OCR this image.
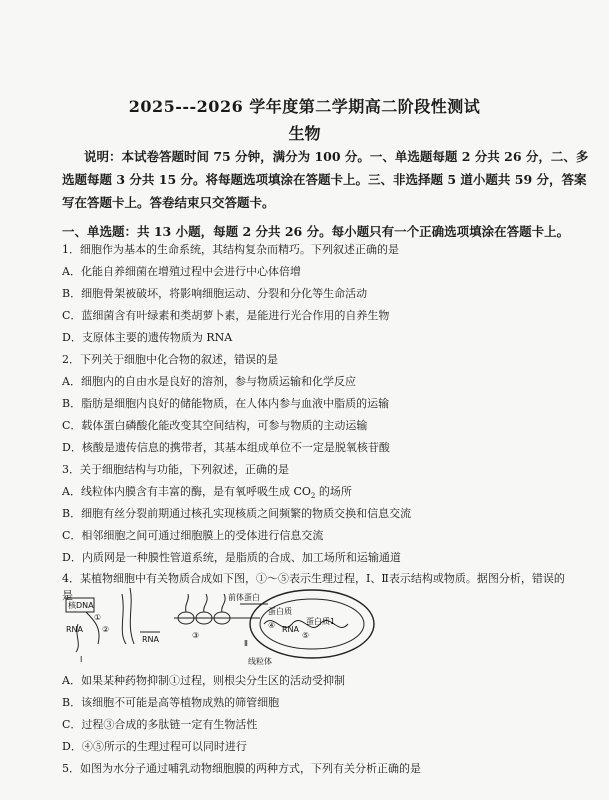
2025---2026 学年度第二学期高二阶段性测试
生物
说明：本试卷答题时间 75 分钟，满分为 100 分。一、单选题每题 2 分共 26 分，二、多
选题每题 3 分共 15 分。将每题选项填涂在答题卡上。三、非选择题 5 道小题共 59 分，答案
写在答题卡上。答卷结束只交答题卡。
一、单选题：共 13 小题，每题 2 分共 26 分。每小题只有一个正确选项填涂在答题卡上。
1．细胞作为基本的生命系统，其结构复杂而精巧。下列叙述正确的是
A．化能自养细菌在增殖过程中会进行中心体倍增
B．细胞骨架被破坏，将影响细胞运动、分裂和分化等生命活动
C．蓝细菌含有叶绿素和类胡萝卜素，是能进行光合作用的自养生物
D．支原体主要的遗传物质为 RNA
2．下列关于细胞中化合物的叙述，错误的是
A．细胞内的自由水是良好的溶剂，参与物质运输和化学反应
B．脂肪是细胞内良好的储能物质，在人体内参与血液中脂质的运输
C．载体蛋白磷酸化能改变其空间结构，可参与物质的主动运输
D．核酸是遗传信息的携带者，其基本组成单位不一定是脱氧核苷酸
3．关于细胞结构与功能，下列叙述，正确的是
A．线粒体内膜含有丰富的酶，是有氧呼吸生成 $CO_2$ 的场所
B．细胞有丝分裂前期通过核孔实现核质之间频繁的物质交换和信息交流
C．相邻细胞之间可通过细胞膜上的受体进行信息交流
D．内质网是一种膜性管道系统，是脂质的合成、加工场所和运输通道
4．某植物细胞中有关物质合成如下图，①～⑤表示生理过程，Ⅰ、Ⅱ表示结构或物质。据图分析，错误的
是
核DNA
①
②
RNA
Ⅰ
RNA	③
前体蛋白
蛋白质
④ RNA
蛋白质1
⑤
Ⅱ
线粒体
A．如果某种药物抑制①过程，则根尖分生区的活动受抑制
B．该细胞不可能是高等植物成熟的筛管细胞
C．过程③合成的多肽链一定有生物活性
D．④⑤所示的生理过程可以同时进行
5．如图为水分子通过哺乳动物细胞膜的两种方式，下列有关分析正确的是
